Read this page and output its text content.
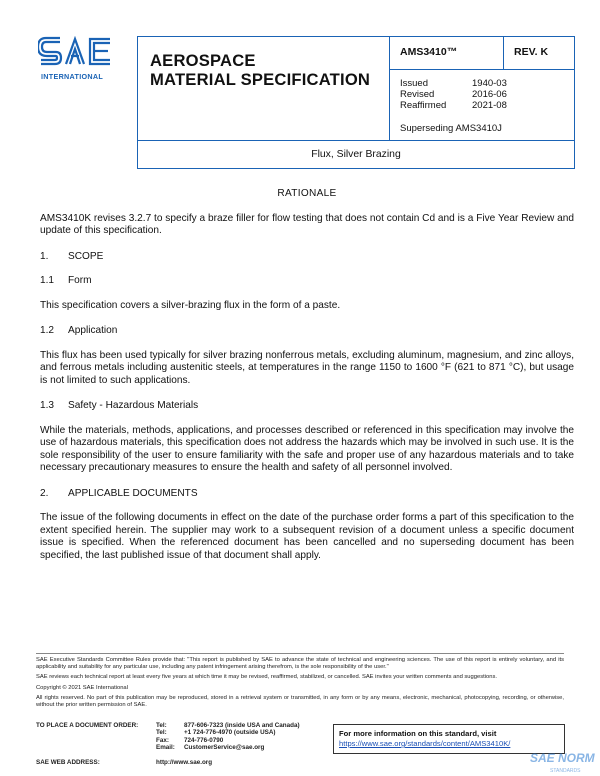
INTERNATIONAL
AEROSPACE
MATERIAL SPECIFICATION
AMS3410™	REV. K
Issued	1940-03
Revised	2016-06
Reaffirmed	2021-08
Superseding AMS3410J
Flux, Silver Brazing
RATIONALE

AMS3410K revises 3.2.7 to specify a braze filler for flow testing that does not contain Cd and is a Five Year Review and update of this specification.

1.	SCOPE
1.1	Form

This specification covers a silver-brazing flux in the form of a paste.

1.2	Application

This flux has been used typically for silver brazing nonferrous metals, excluding aluminum, magnesium, and zinc alloys, and ferrous metals including austenitic steels, at temperatures in the range 1150 to 1600 °F (621 to 871 °C), but usage is not limited to such applications.

1.3	Safety - Hazardous Materials

While the materials, methods, applications, and processes described or referenced in this specification may involve the use of hazardous materials, this specification does not address the hazards which may be involved in such use. It is the sole responsibility of the user to ensure familiarity with the safe and proper use of any hazardous materials and to take necessary precautionary measures to ensure the health and safety of all personnel involved.

2.	APPLICABLE DOCUMENTS

The issue of the following documents in effect on the date of the purchase order forms a part of this specification to the extent specified herein. The supplier may work to a subsequent revision of a document unless a specific document issue is specified. When the referenced document has been cancelled and no superseding document has been specified, the last published issue of that document shall apply.

SAE Executive Standards Committee Rules provide that: "This report is published by SAE to advance the state of technical and engineering sciences. The use of this report is entirely voluntary, and its applicability and suitability for any particular use, including any patent infringement arising therefrom, is the sole responsibility of the user."

SAE reviews each technical report at least every five years at which time it may be revised, reaffirmed, stabilized, or cancelled. SAE invites your written comments and suggestions.

Copyright © 2021 SAE International

All rights reserved. No part of this publication may be reproduced, stored in a retrieval system or transmitted, in any form or by any means, electronic, mechanical, photocopying, recording, or otherwise, without the prior written permission of SAE.

TO PLACE A DOCUMENT ORDER:	Tel:	877-606-7323 (inside USA and Canada)
Tel:	+1 724-776-4970 (outside USA)
Fax:	724-776-0790
Email:	CustomerService@sae.org
SAE WEB ADDRESS:	http://www.sae.org
For more information on this standard, visit
https://www.sae.org/standards/content/AMS3410K/
SAE NORM
STANDARDS
